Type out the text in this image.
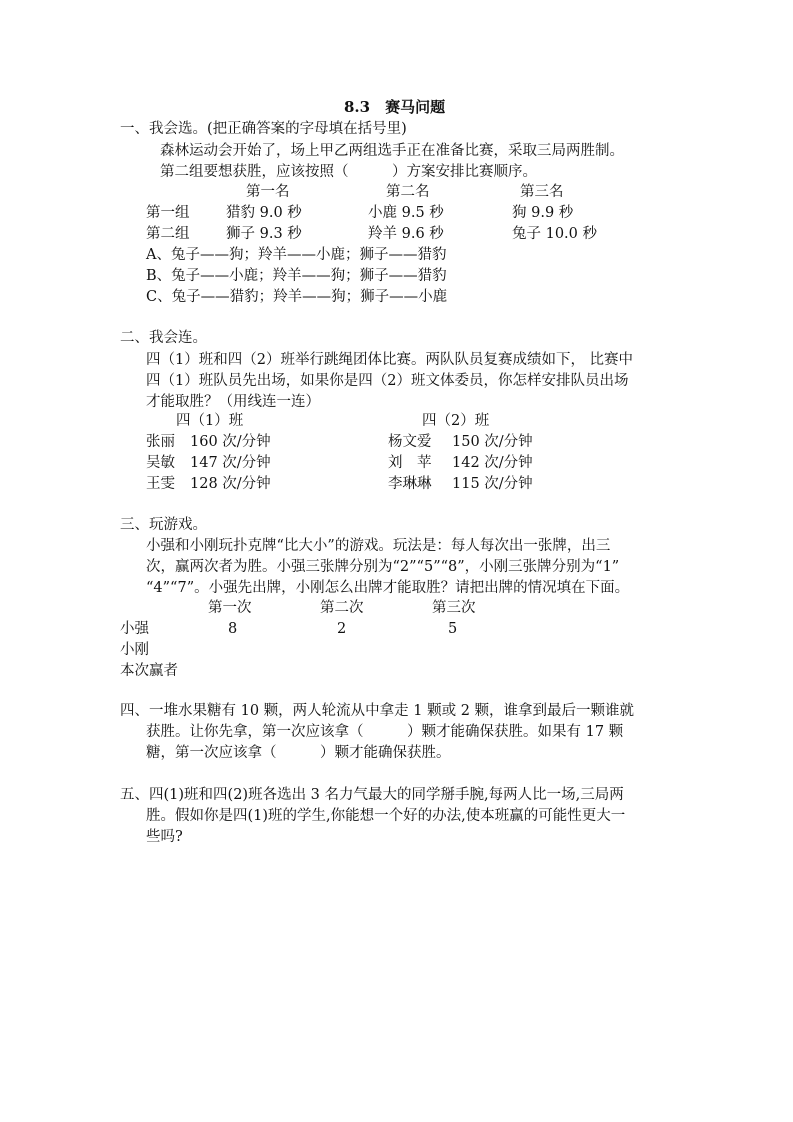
8.3　赛马问题
一、我会选。(把正确答案的字母填在括号里)
森林运动会开始了，场上甲乙两组选手正在准备比赛，采取三局两胜制。
第二组要想获胜，应该按照（　　　）方案安排比赛顺序。
第一名	第二名	第三名
第一组	猎豹 9.0 秒	小鹿 9.5 秒	狗 9.9 秒
第二组	狮子 9.3 秒	羚羊 9.6 秒	兔子 10.0 秒
A、兔子——狗；羚羊——小鹿；狮子——猎豹
B、兔子——小鹿；羚羊——狗；狮子——猎豹
C、兔子——猎豹；羚羊——狗；狮子——小鹿
二、我会连。
四（1）班和四（2）班举行跳绳团体比赛。两队队员复赛成绩如下， 比赛中
四（1）班队员先出场，如果你是四（2）班文体委员，你怎样安排队员出场
才能取胜？（用线连一连）
四（1）班	四（2）班
张丽 160 次/分钟	杨文爱 150 次/分钟
吴敏 147 次/分钟	刘　苹 142 次/分钟
王雯 128 次/分钟	李琳琳 115 次/分钟
三、玩游戏。
小强和小刚玩扑克牌“比大小”的游戏。玩法是：每人每次出一张牌，出三
次，赢两次者为胜。小强三张牌分别为“2”“5”“8”，小刚三张牌分别为“1”
“4”“7”。小强先出牌，小刚怎么出牌才能取胜？请把出牌的情况填在下面。
第一次	第二次	第三次
小强	8	2	5
小刚
本次赢者
四、一堆水果糖有 10 颗，两人轮流从中拿走 1 颗或 2 颗，谁拿到最后一颗谁就
获胜。让你先拿，第一次应该拿（　　　）颗才能确保获胜。如果有 17 颗
糖，第一次应该拿（　　　）颗才能确保获胜。
五、四(1)班和四(2)班各选出 3 名力气最大的同学掰手腕,每两人比一场,三局两
胜。假如你是四(1)班的学生,你能想一个好的办法,使本班赢的可能性更大一
些吗?
